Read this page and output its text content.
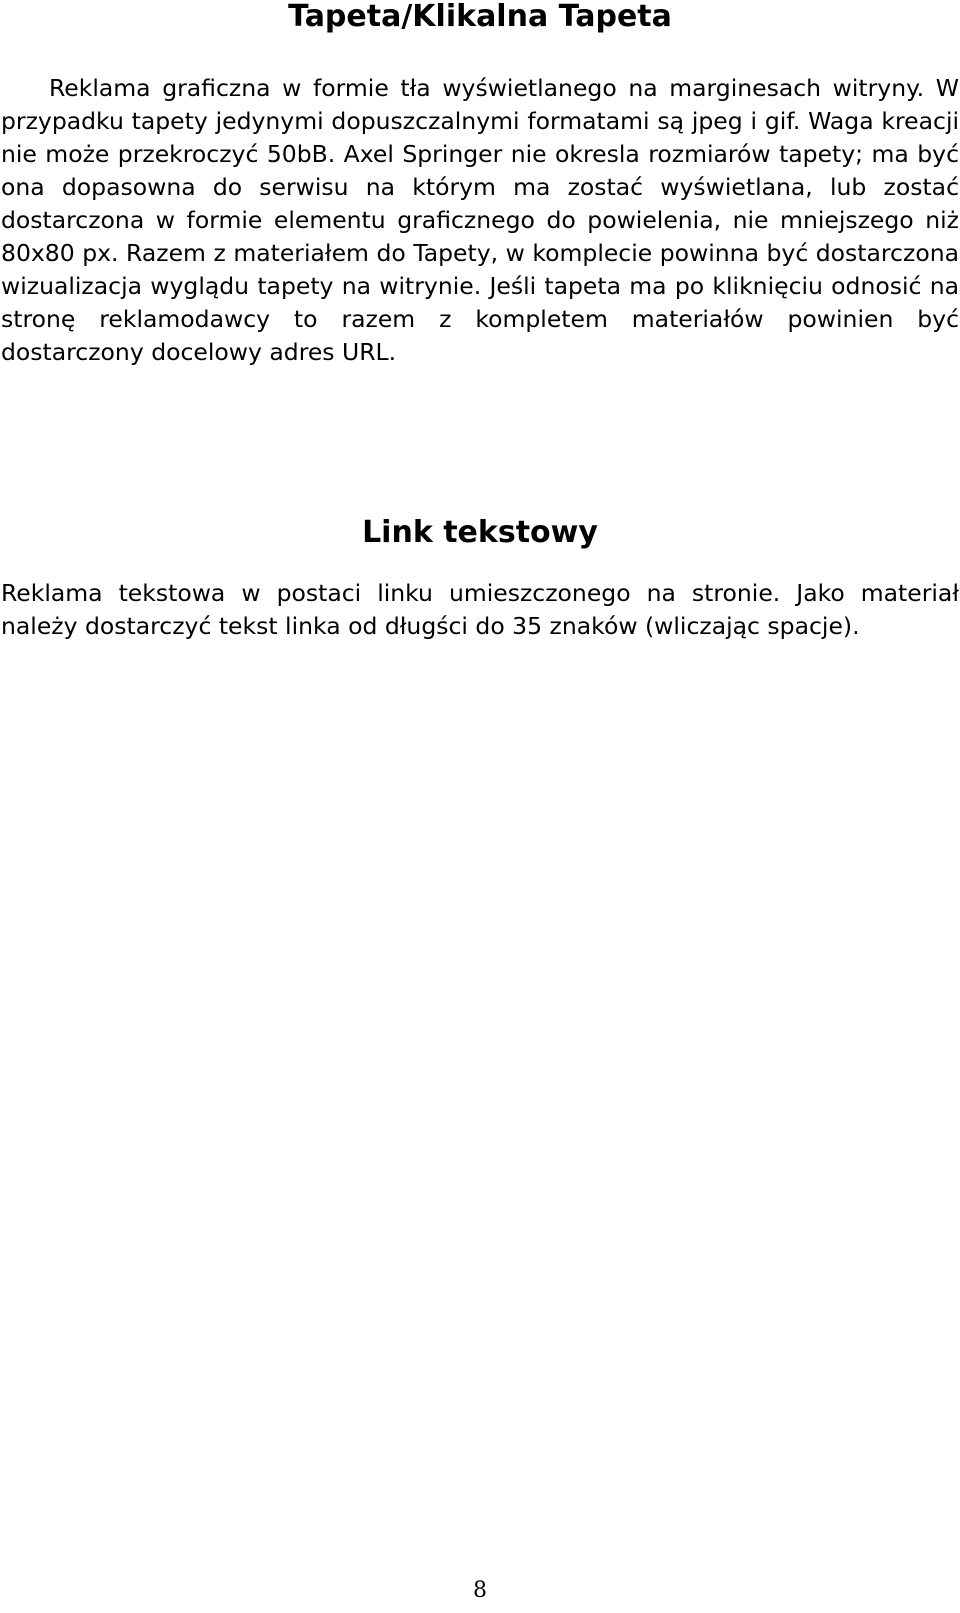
Tapeta/Klikalna Tapeta

Reklama graficzna w formie tła wyświetlanego na marginesach witryny. W przypadku tapety jedynymi dopuszczalnymi formatami są jpeg i gif. Waga kreacji nie może przekroczyć 50bB. Axel Springer nie okresla rozmiarów tapety; ma być ona dopasowna do serwisu na którym ma zostać wyświetlana, lub zostać dostarczona w formie elementu graficznego do powielenia, nie mniejszego niż 80x80 px. Razem z materiałem do Tapety, w komplecie powinna być dostarczona wizualizacja wyglądu tapety na witrynie. Jeśli tapeta ma po kliknięciu odnosić na stronę reklamodawcy to razem z kompletem materiałów powinien być dostarczony docelowy adres URL.

Link tekstowy

Reklama tekstowa w postaci linku umieszczonego na stronie. Jako materiał należy dostarczyć tekst linka od długści do 35 znaków (wliczając spacje).

8
